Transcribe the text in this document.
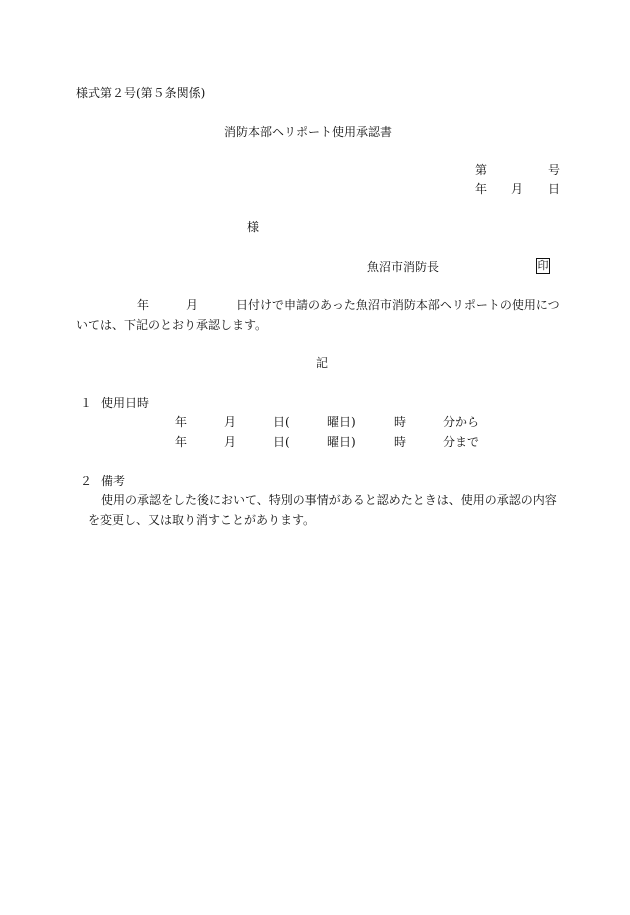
様式第２号(第５条関係)
消防本部ヘリポート使用承認書
第	号
年 月 日
様
魚沼市消防長	印
年	月	日付けで申請のあった魚沼市消防本部ヘリポートの使用につ
いては、下記のとおり承認します。
記
１ 使用日時
年	月	日(	曜日)	時	分から
年	月	日(	曜日)	時	分まで
２ 備考
使用の承認をした後において、特別の事情があると認めたときは、使用の承認の内容
を変更し、又は取り消すことがあります。
